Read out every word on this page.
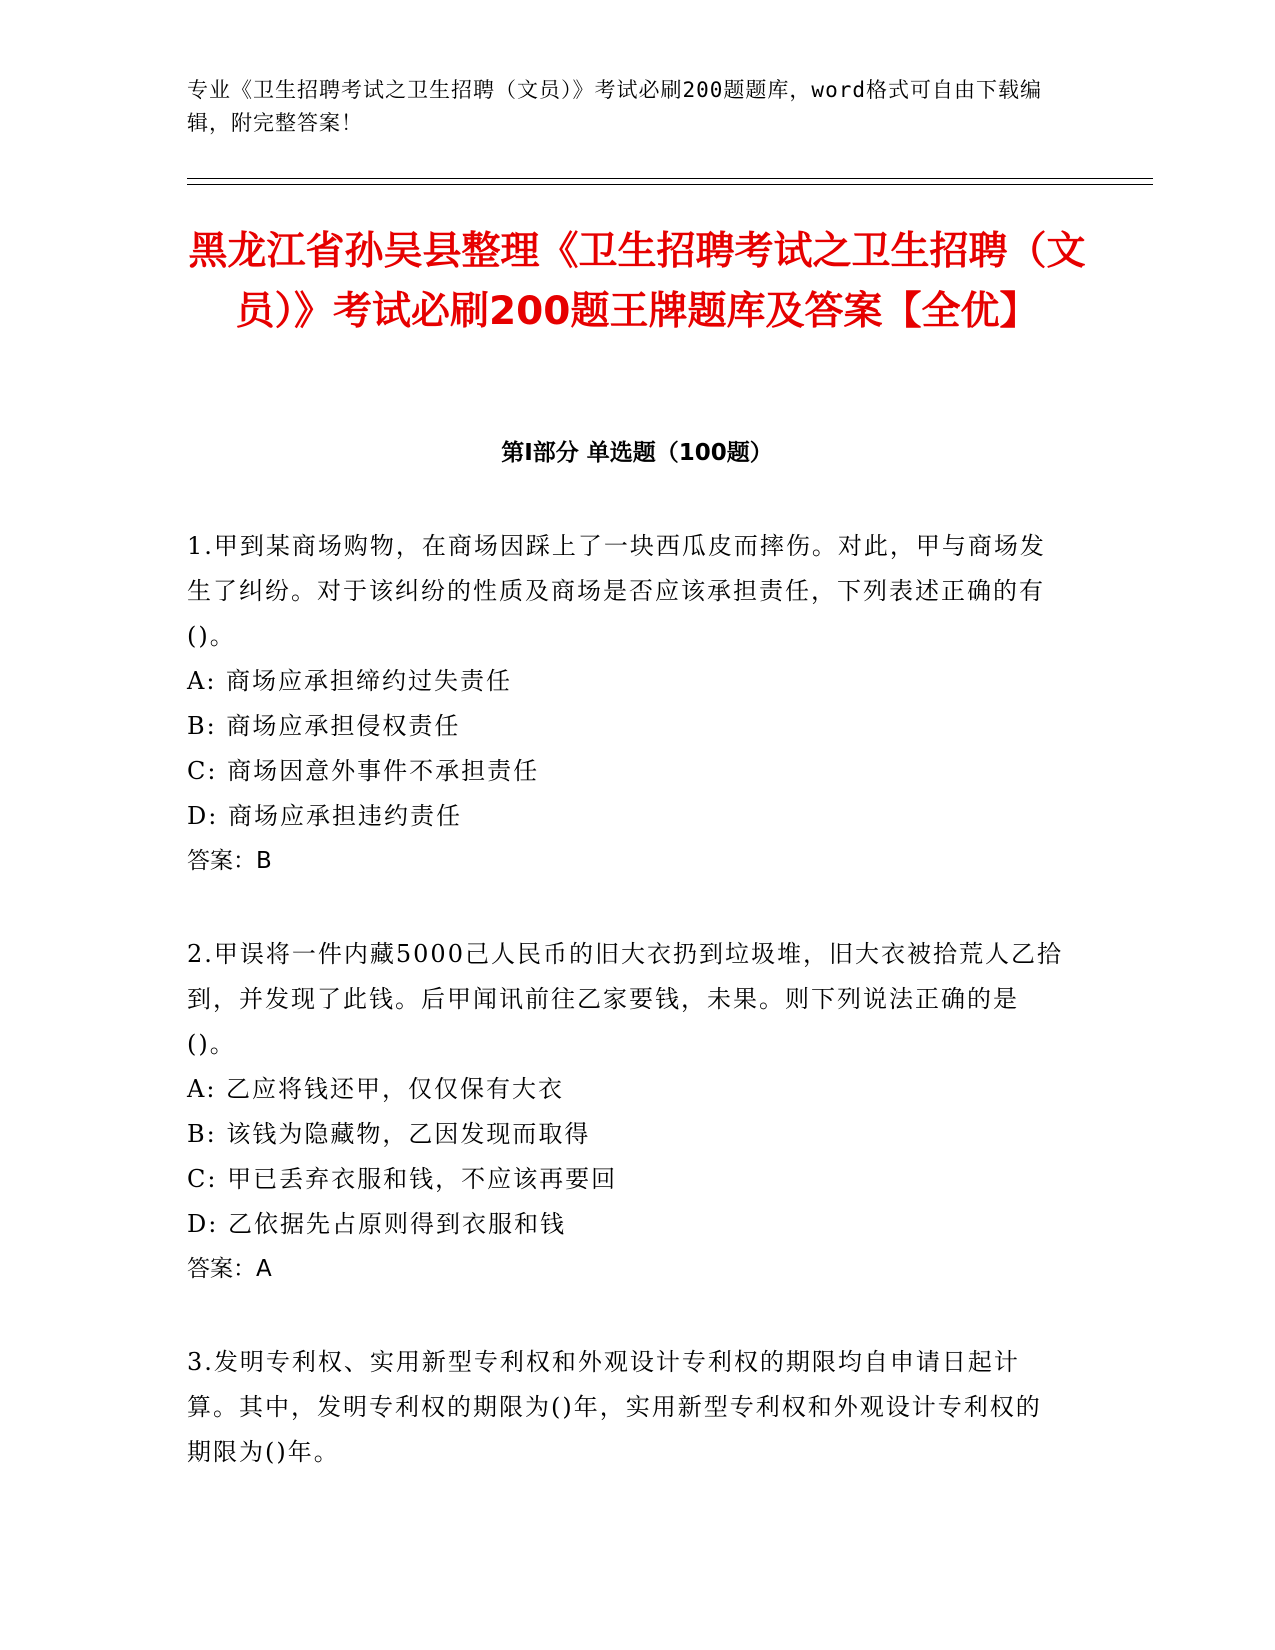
专业《卫生招聘考试之卫生招聘（文员）》考试必刷200题题库，word格式可自由下载编辑，附完整答案！
黑龙江省孙吴县整理《卫生招聘考试之卫生招聘（文员）》考试必刷200题王牌题库及答案【全优】
第Ⅰ部分 单选题（100题）
1.甲到某商场购物，在商场因踩上了一块西瓜皮而摔伤。对此，甲与商场发生了纠纷。对于该纠纷的性质及商场是否应该承担责任，下列表述正确的有()。
A: 商场应承担缔约过失责任
B: 商场应承担侵权责任
C: 商场因意外事件不承担责任
D: 商场应承担违约责任
答案：B
2.甲误将一件内藏5000己人民币的旧大衣扔到垃圾堆，旧大衣被拾荒人乙拾到，并发现了此钱。后甲闻讯前往乙家要钱，未果。则下列说法正确的是()。
A: 乙应将钱还甲，仅仅保有大衣
B: 该钱为隐藏物，乙因发现而取得
C: 甲已丢弃衣服和钱，不应该再要回
D: 乙依据先占原则得到衣服和钱
答案：A
3.发明专利权、实用新型专利权和外观设计专利权的期限均自申请日起计算。其中，发明专利权的期限为()年，实用新型专利权和外观设计专利权的期限为()年。
